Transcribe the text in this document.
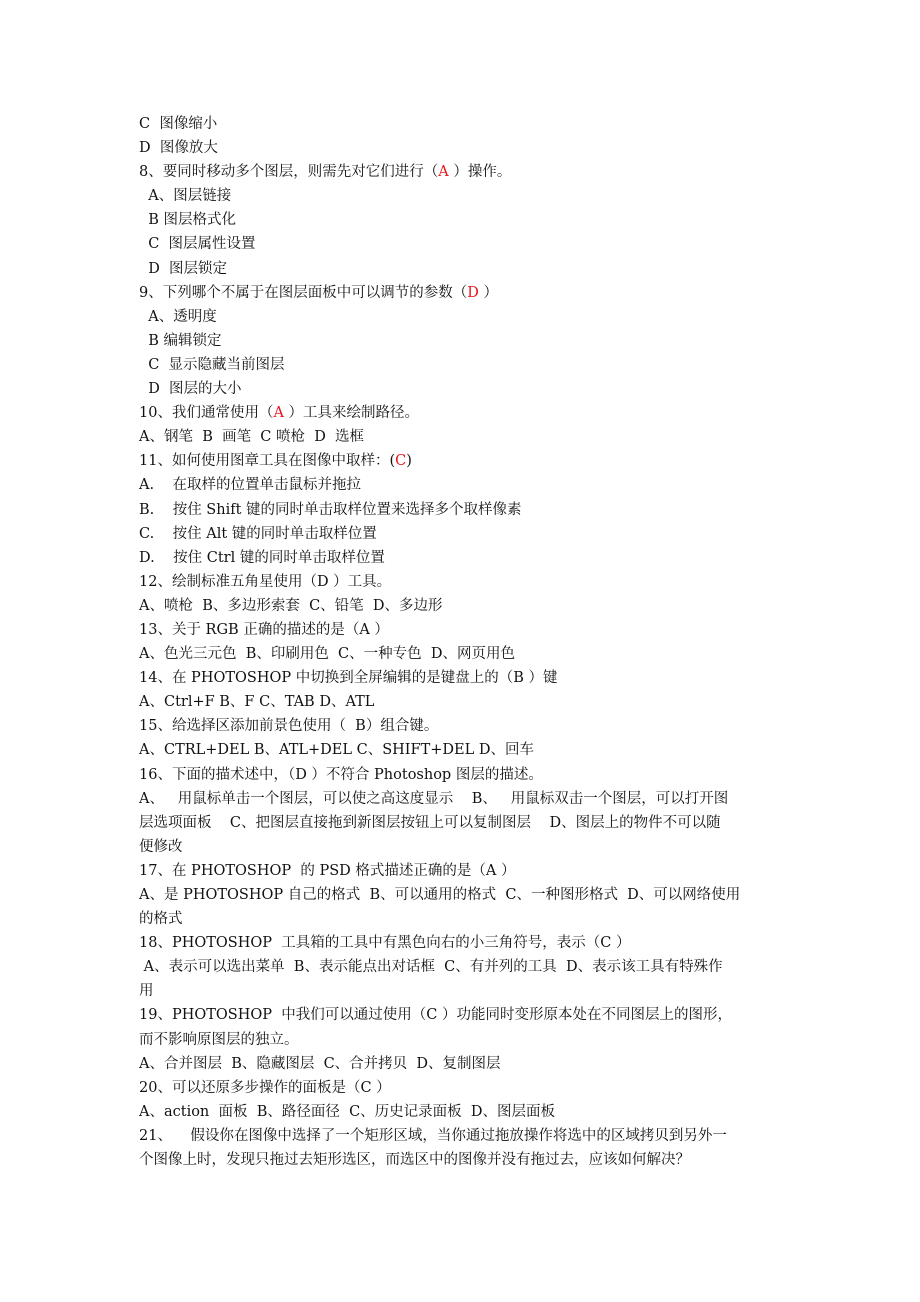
C  图像缩小
D  图像放大
8、要同时移动多个图层，则需先对它们进行（A ）操作。
A、图层链接
B 图层格式化
C  图层属性设置
D  图层锁定
9、下列哪个不属于在图层面板中可以调节的参数（D ）
A、透明度
B 编辑锁定
C  显示隐藏当前图层
D  图层的大小
10、我们通常使用（A ）工具来绘制路径。
A、钢笔  B  画笔  C 喷枪  D  选框
11、如何使用图章工具在图像中取样：(C)
A.    在取样的位置单击鼠标并拖拉
B.    按住 Shift 键的同时单击取样位置来选择多个取样像素
C.    按住 Alt 键的同时单击取样位置
D.    按住 Ctrl 键的同时单击取样位置
12、绘制标准五角星使用（D ）工具。
A、喷枪  B、多边形索套  C、铅笔  D、多边形
13、关于 RGB 正确的描述的是（A ）
A、色光三元色  B、印刷用色  C、一种专色  D、网页用色
14、在 PHOTOSHOP 中切换到全屏编辑的是键盘上的（B ）键
A、Ctrl+F B、F C、TAB D、ATL
15、给选择区添加前景色使用（  B）组合键。
A、CTRL+DEL B、ATL+DEL C、SHIFT+DEL D、回车
16、下面的描术述中，（D ）不符合 Photoshop 图层的描述。
A、   用鼠标单击一个图层，可以使之高这度显示    B、   用鼠标双击一个图层，可以打开图
层选项面板    C、把图层直接拖到新图层按钮上可以复制图层    D、图层上的物件不可以随
便修改
17、在 PHOTOSHOP  的 PSD 格式描述正确的是（A ）
A、是 PHOTOSHOP 自己的格式  B、可以通用的格式  C、一种图形格式  D、可以网络使用
的格式
18、PHOTOSHOP  工具箱的工具中有黑色向右的小三角符号，表示（C ）
A、表示可以选出菜单  B、表示能点出对话框  C、有并列的工具  D、表示该工具有特殊作
用
19、PHOTOSHOP  中我们可以通过使用（C ）功能同时变形原本处在不同图层上的图形，
而不影响原图层的独立。
A、合并图层  B、隐藏图层  C、合并拷贝  D、复制图层
20、可以还原多步操作的面板是（C ）
A、action  面板  B、路径面径  C、历史记录面板  D、图层面板
21、    假设你在图像中选择了一个矩形区域，当你通过拖放操作将选中的区域拷贝到另外一
个图像上时，发现只拖过去矩形选区，而选区中的图像并没有拖过去，应该如何解决？
